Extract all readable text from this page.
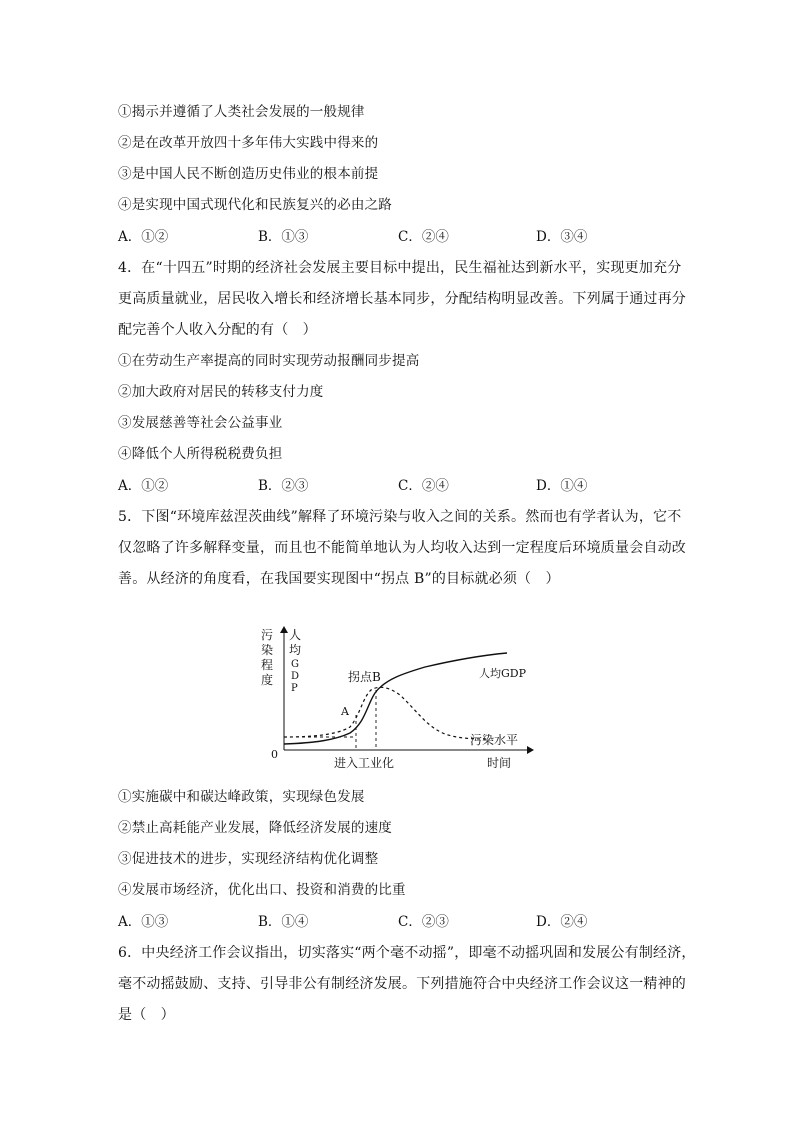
①揭示并遵循了人类社会发展的一般规律
②是在改革开放四十多年伟大实践中得来的
③是中国人民不断创造历史伟业的根本前提
④是实现中国式现代化和民族复兴的必由之路
A．①②	B．①③	C．②④	D．③④
4．在“十四五”时期的经济社会发展主要目标中提出，民生福祉达到新水平，实现更加充分
更高质量就业，居民收入增长和经济增长基本同步，分配结构明显改善。下列属于通过再分
配完善个人收入分配的有（　）
①在劳动生产率提高的同时实现劳动报酬同步提高
②加大政府对居民的转移支付力度
③发展慈善等社会公益事业
④降低个人所得税税费负担
A．①②	B．②③	C．②④	D．①④
5．下图“环境库兹涅茨曲线”解释了环境污染与收入之间的关系。然而也有学者认为，它不
仅忽略了许多解释变量，而且也不能简单地认为人均收入达到一定程度后环境质量会自动改
善。从经济的角度看，在我国要实现图中“拐点 B”的目标就必须（　）
污
染
程
度
人
均
G
D
P
0
A
拐点B	人均GDP
污染水平
进入工业化	时间
①实施碳中和碳达峰政策，实现绿色发展
②禁止高耗能产业发展，降低经济发展的速度
③促进技术的进步，实现经济结构优化调整
④发展市场经济，优化出口、投资和消费的比重
A．①③	B．①④	C．②③	D．②④
6．中央经济工作会议指出，切实落实“两个毫不动摇”，即毫不动摇巩固和发展公有制经济，
毫不动摇鼓励、支持、引导非公有制经济发展。下列措施符合中央经济工作会议这一精神的
是（　）
